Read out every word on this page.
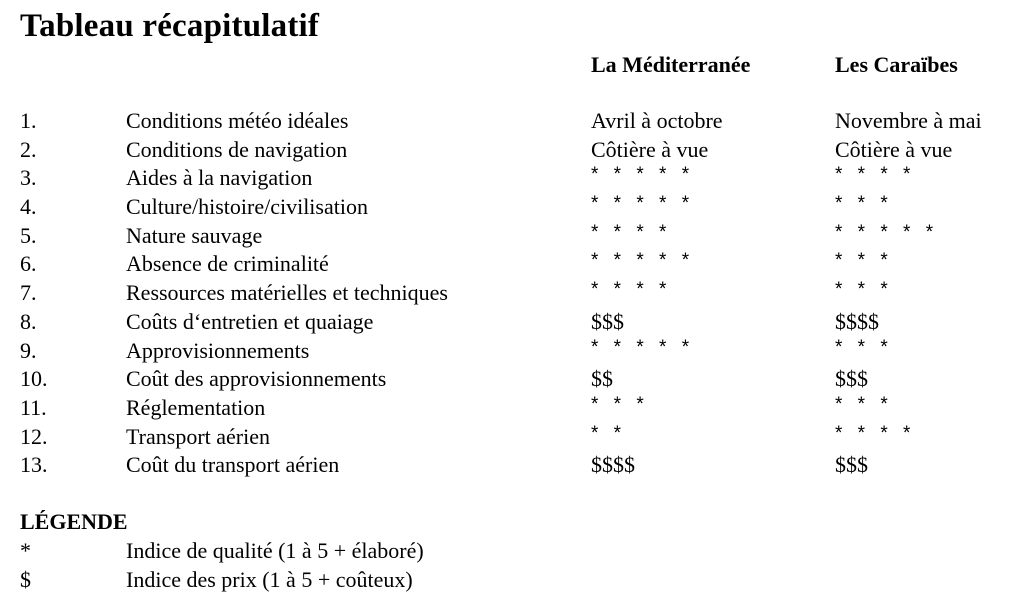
Tableau récapitulatif
La Méditerranée	Les Caraïbes
1.	Conditions météo idéales	Avril à octobre	Novembre à mai
2.	Conditions de navigation	Côtière à vue	Côtière à vue
3.	Aides à la navigation	* * * * *	* * * *
4.	Culture/histoire/civilisation	* * * * *	* * *
5.	Nature sauvage	* * * *	* * * * *
6.	Absence de criminalité	* * * * *	* * *
7.	Ressources matérielles et techniques	* * * *	* * *
8.	Coûts d‘entretien et quaiage	$$$	$$$$
9.	Approvisionnements	* * * * *	* * *
10.	Coût des approvisionnements	$$	$$$
11.	Réglementation	* * *	* * *
12.	Transport aérien	* *	* * * *
13.	Coût du transport aérien	$$$$	$$$
LÉGENDE
*	Indice de qualité (1 à 5 + élaboré)
$	Indice des prix (1 à 5 + coûteux)
